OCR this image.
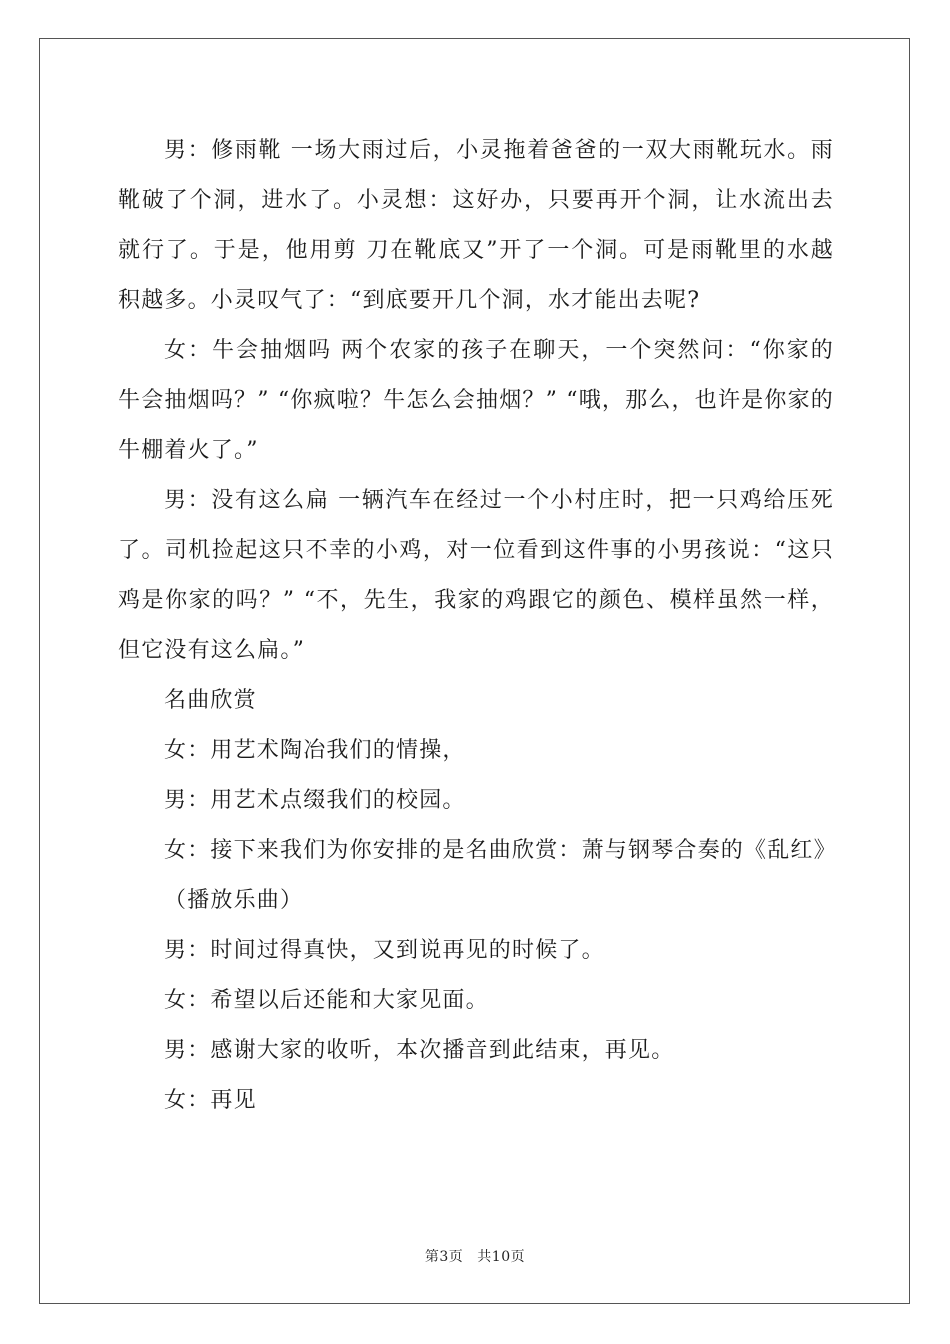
男：修雨靴 一场大雨过后，小灵拖着爸爸的一双大雨靴玩水。雨靴破了个洞，进水了。小灵想：这好办，只要再开个洞，让水流出去就行了。于是，他用剪 刀在靴底又”开了一个洞。可是雨靴里的水越积越多。小灵叹气了：“到底要开几个洞，水才能出去呢?

女：牛会抽烟吗 两个农家的孩子在聊天，一个突然问：“你家的牛会抽烟吗？” “你疯啦？牛怎么会抽烟？” “哦，那么，也许是你家的牛棚着火了。”

男：没有这么扁 一辆汽车在经过一个小村庄时，把一只鸡给压死了。司机捡起这只不幸的小鸡，对一位看到这件事的小男孩说：“这只鸡是你家的吗？” “不，先生，我家的鸡跟它的颜色、模样虽然一样，但它没有这么扁。”

名曲欣赏

女：用艺术陶冶我们的情操，

男：用艺术点缀我们的校园。

女：接下来我们为你安排的是名曲欣赏：萧与钢琴合奏的《乱红》

（播放乐曲）

男：时间过得真快，又到说再见的时候了。

女：希望以后还能和大家见面。

男：感谢大家的收听，本次播音到此结束，再见。

女：再见

第3页 共10页
